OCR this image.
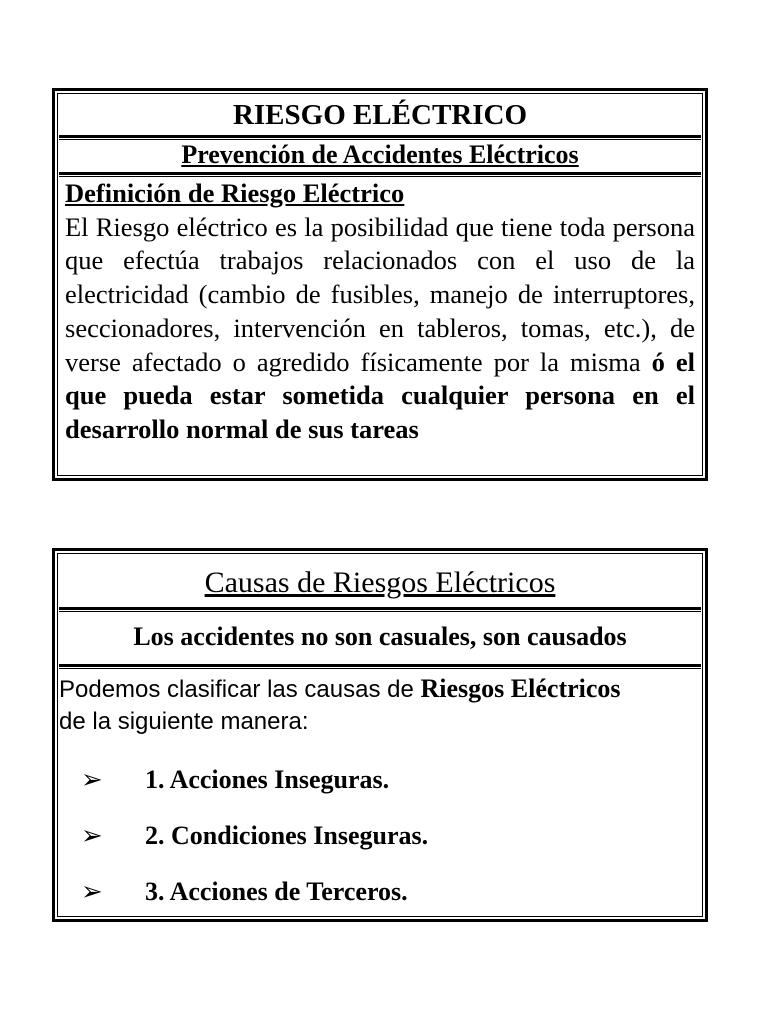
RIESGO ELÉCTRICO
Prevención de Accidentes Eléctricos
Definición de Riesgo Eléctrico
El Riesgo eléctrico es la posibilidad que tiene toda persona que efectúa trabajos relacionados con el uso de la electricidad (cambio de fusibles, manejo de interruptores, seccionadores, intervención en tableros, tomas, etc.), de verse afectado o agredido físicamente por la misma ó el que pueda estar sometida cualquier persona en el desarrollo normal de sus tareas
Causas de Riesgos Eléctricos
Los accidentes no son casuales, son causados
Podemos clasificar las causas de Riesgos Eléctricos
de la siguiente manera:
➢	1. Acciones Inseguras.
➢	2. Condiciones Inseguras.
➢	3. Acciones de Terceros.
